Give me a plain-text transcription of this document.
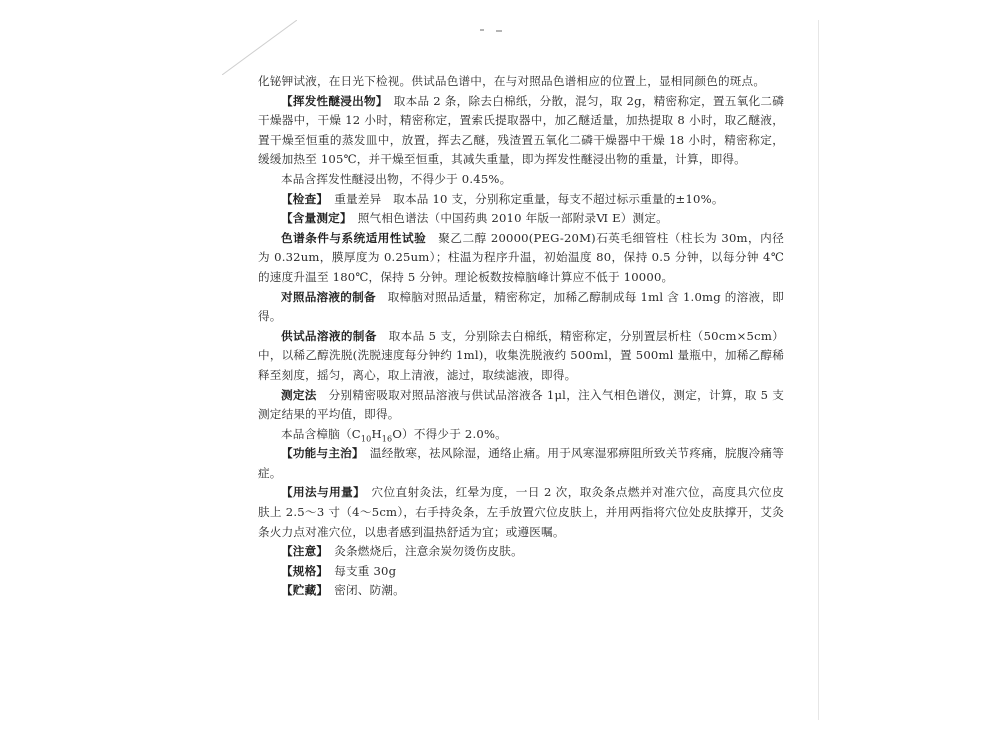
化铋钾试液，在日光下检视。供试品色谱中，在与对照品色谱相应的位置上，显相同颜色的斑点。

【挥发性醚浸出物】　 取本品 2 条，除去白棉纸，分散，混匀，取 2g，精密称定，置五氧化二磷干燥器中，干燥 12 小时，精密称定，置索氏提取器中，加乙醚适量，加热提取 8 小时，取乙醚液，置干燥至恒重的蒸发皿中，放置，挥去乙醚，残渣置五氧化二磷干燥器中干燥 18 小时，精密称定，缓缓加热至 105℃，并干燥至恒重，其减失重量，即为挥发性醚浸出物的重量，计算，即得。

本品含挥发性醚浸出物，不得少于 0.45%。

【检查】　 重量差异　 取本品 10 支，分别称定重量，每支不超过标示重量的±10%。

【含量测定】　 照气相色谱法（中国药典 2010 年版一部附录Ⅵ E）测定。

色谱条件与系统适用性试验　 聚乙二醇 20000(PEG-20M)石英毛细管柱（柱长为 30m，内径为 0.32um，膜厚度为 0.25um）；柱温为程序升温，初始温度 80，保持 0.5 分钟，以每分钟 4℃的速度升温至 180℃，保持 5 分钟。理论板数按樟脑峰计算应不低于 10000。

对照品溶液的制备　 取樟脑对照品适量，精密称定，加稀乙醇制成每 1ml 含 1.0mg 的溶液，即得。

供试品溶液的制备　 取本品 5 支，分别除去白棉纸，精密称定，分别置层析柱（50cm×5cm）中，以稀乙醇洗脱(洗脱速度每分钟约 1ml)，收集洗脱液约 500ml，置 500ml 量瓶中，加稀乙醇稀释至刻度，摇匀，离心，取上清液，滤过，取续滤液，即得。

测定法　 分别精密吸取对照品溶液与供试品溶液各 1μl，注入气相色谱仪，测定，计算，取 5 支测定结果的平均值，即得。

本品含樟脑$(C_{10}H_{16}O)$不得少于 2.0%。

【功能与主治】　 温经散寒，祛风除湿，通络止痛。用于风寒湿邪痹阻所致关节疼痛，脘腹冷痛等症。

【用法与用量】　 穴位直射灸法，红晕为度，一日 2 次，取灸条点燃并对准穴位，高度具穴位皮肤上 2.5～3 寸（4～5cm），右手持灸条，左手放置穴位皮肤上，并用两指将穴位处皮肤撑开，艾灸条火力点对准穴位，以患者感到温热舒适为宜；或遵医嘱。

【注意】　 灸条燃烧后，注意余炭勿烫伤皮肤。

【规格】　 每支重 30g

【贮藏】　 密闭、防潮。
